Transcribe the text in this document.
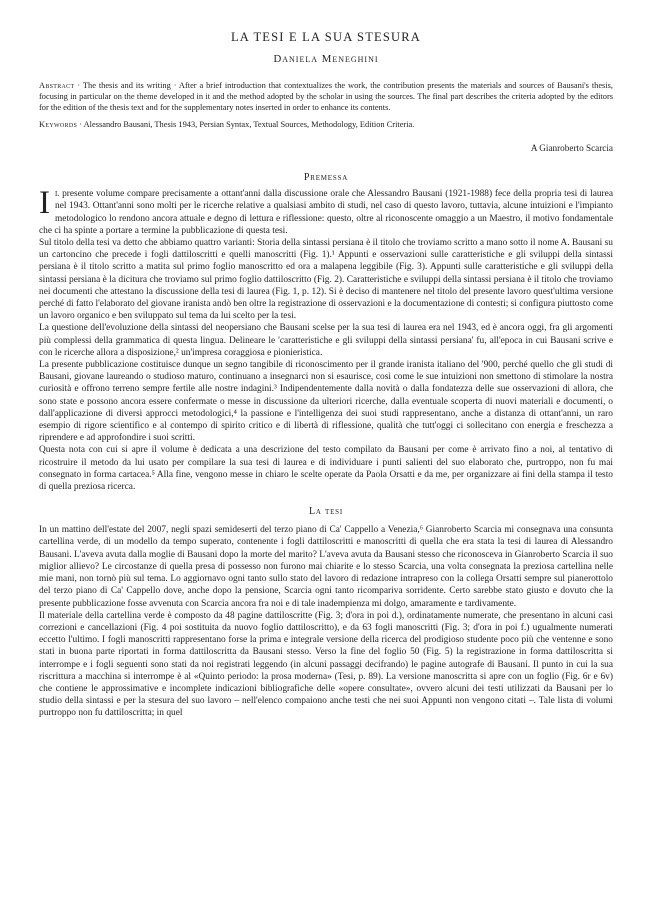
LA TESI E LA SUA STESURA
Daniela Meneghini

Abstract · The thesis and its writing · After a brief introduction that contextualizes the work, the contribution presents the materials and sources of Bausani's thesis, focusing in particular on the theme developed in it and the method adopted by the scholar in using the sources. The final part describes the criteria adopted by the editors for the edition of the thesis text and for the supplementary notes inserted in order to enhance its contents.

Keywords · Alessandro Bausani, Thesis 1943, Persian Syntax, Textual Sources, Methodology, Edition Criteria.

A Gianroberto Scarcia
Premessa

Il presente volume compare precisamente a ottant'anni dalla discussione orale che Alessandro Bausani (1921-1988) fece della propria tesi di laurea nel 1943. Ottant'anni sono molti per le ricerche relative a qualsiasi ambito di studi, nel caso di questo lavoro, tuttavia, alcune intuizioni e l'impianto metodologico lo rendono ancora attuale e degno di lettura e riflessione: questo, oltre al riconoscente omaggio a un Maestro, il motivo fondamentale che ci ha spinte a portare a termine la pubblicazione di questa tesi.

Sul titolo della tesi va detto che abbiamo quattro varianti: Storia della sintassi persiana è il titolo che troviamo scritto a mano sotto il nome A. Bausani su un cartoncino che precede i fogli dattiloscritti e quelli manoscritti (Fig. 1).¹ Appunti e osservazioni sulle caratteristiche e gli sviluppi della sintassi persiana è il titolo scritto a matita sul primo foglio manoscritto ed ora a malapena leggibile (Fig. 3). Appunti sulle caratteristiche e gli sviluppi della sintassi persiana è la dicitura che troviamo sul primo foglio dattiloscritto (Fig. 2). Caratteristiche e sviluppi della sintassi persiana è il titolo che troviamo nei documenti che attestano la discussione della tesi di laurea (Fig. 1, p. 12). Si è deciso di mantenere nel titolo del presente lavoro quest'ultima versione perché di fatto l'elaborato del giovane iranista andò ben oltre la registrazione di osservazioni e la documentazione di contesti; si configura piuttosto come un lavoro organico e ben sviluppato sul tema da lui scelto per la tesi.

La questione dell'evoluzione della sintassi del neopersiano che Bausani scelse per la sua tesi di laurea era nel 1943, ed è ancora oggi, fra gli argomenti più complessi della grammatica di questa lingua. Delineare le 'caratteristiche e gli sviluppi della sintassi persiana' fu, all'epoca in cui Bausani scrive e con le ricerche allora a disposizione,² un'impresa coraggiosa e pionieristica.

La presente pubblicazione costituisce dunque un segno tangibile di riconoscimento per il grande iranista italiano del '900, perché quello che gli studi di Bausani, giovane laureando o studioso maturo, continuano a insegnarci non si esaurisce, così come le sue intuizioni non smettono di stimolare la nostra curiosità e offrono terreno sempre fertile alle nostre indagini.³ Indipendentemente dalla novità o dalla fondatezza delle sue osservazioni di allora, che sono state e possono ancora essere confermate o messe in discussione da ulteriori ricerche, dalla eventuale scoperta di nuovi materiali e documenti, o dall'applicazione di diversi approcci metodologici,⁴ la passione e l'intelligenza dei suoi studi rappresentano, anche a distanza di ottant'anni, un raro esempio di rigore scientifico e al contempo di spirito critico e di libertà di riflessione, qualità che tutt'oggi ci sollecitano con energia e freschezza a riprendere e ad approfondire i suoi scritti.

Questa nota con cui si apre il volume è dedicata a una descrizione del testo compilato da Bausani per come è arrivato fino a noi, al tentativo di ricostruire il metodo da lui usato per compilare la sua tesi di laurea e di individuare i punti salienti del suo elaborato che, purtroppo, non fu mai consegnato in forma cartacea.⁵ Alla fine, vengono messe in chiaro le scelte operate da Paola Orsatti e da me, per organizzare ai fini della stampa il testo di quella preziosa ricerca.

La tesi

In un mattino dell'estate del 2007, negli spazi semideserti del terzo piano di Ca' Cappello a Venezia,⁶ Gianroberto Scarcia mi consegnava una consunta cartellina verde, di un modello da tempo superato, contenente i fogli dattiloscritti e manoscritti di quella che era stata la tesi di laurea di Alessandro Bausani. L'aveva avuta dalla moglie di Bausani dopo la morte del marito? L'aveva avuta da Bausani stesso che riconosceva in Gianroberto Scarcia il suo miglior allievo? Le circostanze di quella presa di possesso non furono mai chiarite e lo stesso Scarcia, una volta consegnata la preziosa cartellina nelle mie mani, non tornò più sul tema. Lo aggiornavo ogni tanto sullo stato del lavoro di redazione intrapreso con la collega Orsatti sempre sul pianerottolo del terzo piano di Ca' Cappello dove, anche dopo la pensione, Scarcia ogni tanto ricompariva sorridente. Certo sarebbe stato giusto e dovuto che la presente pubblicazione fosse avvenuta con Scarcia ancora fra noi e di tale inadempienza mi dolgo, amaramente e tardivamente.

Il materiale della cartellina verde è composto da 48 pagine dattiloscritte (Fig. 3; d'ora in poi d.), ordinatamente numerate, che presentano in alcuni casi correzioni e cancellazioni (Fig. 4 poi sostituita da nuovo foglio dattiloscritto), e da 63 fogli manoscritti (Fig. 3; d'ora in poi f.) ugualmente numerati eccetto l'ultimo. I fogli manoscritti rappresentano forse la prima e integrale versione della ricerca del prodigioso studente poco più che ventenne e sono stati in buona parte riportati in forma dattiloscritta da Bausani stesso. Verso la fine del foglio 50 (Fig. 5) la registrazione in forma dattiloscritta si interrompe e i fogli seguenti sono stati da noi registrati leggendo (in alcuni passaggi decifrando) le pagine autografe di Bausani. Il punto in cui la sua riscrittura a macchina si interrompe è al «Quinto periodo: la prosa moderna» (Tesi, p. 89). La versione manoscritta si apre con un foglio (Fig. 6r e 6v) che contiene le approssimative e incomplete indicazioni bibliografiche delle «opere consultate», ovvero alcuni dei testi utilizzati da Bausani per lo studio della sintassi e per la stesura del suo lavoro – nell'elenco compaiono anche testi che nei suoi Appunti non vengono citati –. Tale lista di volumi purtroppo non fu dattiloscritta; in quel
